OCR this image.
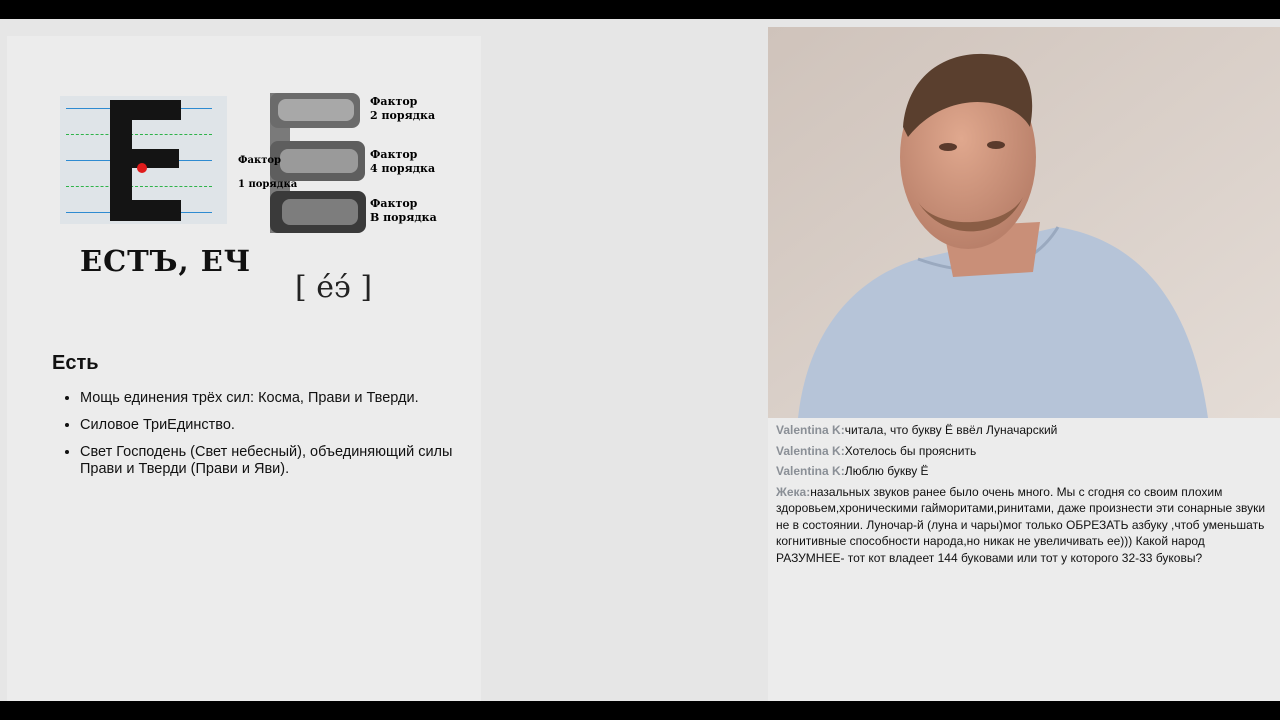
ЕСТЪ, ЕЧ
Фактор
2 порядка
Фактор
1 порядка
Фактор
4 порядка
Фактор
В порядка
[ е́э́ ]
Есть
• Мощь единения трёх сил: Косма, Прави и Тверди.
• Силовое ТриЕдинство.
• Свет Господень (Свет небесный), объединяющий силы Прави и Тверди (Прави и Яви).
Valentina K:читала, что букву Ё ввёл Луначарский
Valentina K:Хотелось бы прояснить
Valentina K:Люблю букву Ё
Жека:назальных звуков ранее было очень много. Мы с сгодня со своим плохим здоровьем,хроническими гайморитами,ринитами, даже произнести эти сонарные звуки не в состоянии. Луночар-й (луна и чары)мог только ОБРЕЗАТЬ азбуку ,чтоб уменьшать когнитивные способности народа,но никак не увеличивать ее))) Какой народ РАЗУМНЕЕ- тот кот владеет 144 буковами или тот у которого 32-33 буковы?
